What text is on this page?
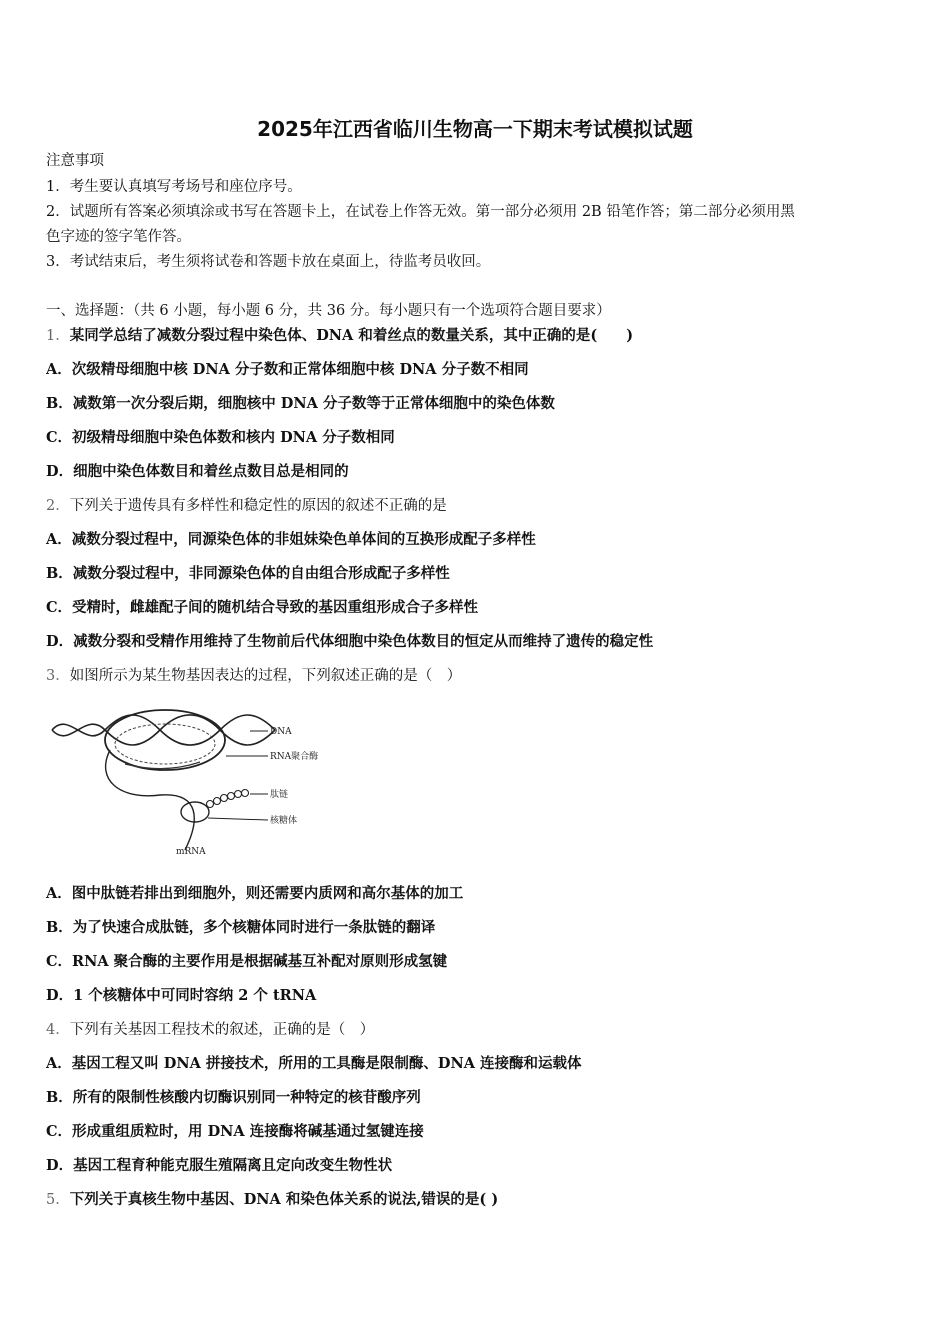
2025年江西省临川生物高一下期末考试模拟试题
注意事项
1．考生要认真填写考场号和座位序号。
2．试题所有答案必须填涂或书写在答题卡上，在试卷上作答无效。第一部分必须用 2B 铅笔作答；第二部分必须用黑
色字迹的签字笔作答。
3．考试结束后，考生须将试卷和答题卡放在桌面上，待监考员收回。
一、选择题：（共 6 小题，每小题 6 分，共 36 分。每小题只有一个选项符合题目要求）
1．某同学总结了减数分裂过程中染色体、DNA 和着丝点的数量关系，其中正确的是(　　)
A．次级精母细胞中核 DNA 分子数和正常体细胞中核 DNA 分子数不相同
B．减数第一次分裂后期，细胞核中 DNA 分子数等于正常体细胞中的染色体数
C．初级精母细胞中染色体数和核内 DNA 分子数相同
D．细胞中染色体数目和着丝点数目总是相同的
2．下列关于遗传具有多样性和稳定性的原因的叙述不正确的是
A．减数分裂过程中，同源染色体的非姐妹染色单体间的互换形成配子多样性
B．减数分裂过程中，非同源染色体的自由组合形成配子多样性
C．受精时，雌雄配子间的随机结合导致的基因重组形成合子多样性
D．减数分裂和受精作用维持了生物前后代体细胞中染色体数目的恒定从而维持了遗传的稳定性
3．如图所示为某生物基因表达的过程，下列叙述正确的是（　）
DNA
RNA聚合酶
肽链
核糖体
mRNA
A．图中肽链若排出到细胞外，则还需要内质网和高尔基体的加工
B．为了快速合成肽链，多个核糖体同时进行一条肽链的翻译
C．RNA 聚合酶的主要作用是根据碱基互补配对原则形成氢键
D．1 个核糖体中可同时容纳 2 个 tRNA
4．下列有关基因工程技术的叙述，正确的是（　）
A．基因工程又叫 DNA 拼接技术，所用的工具酶是限制酶、DNA 连接酶和运载体
B．所有的限制性核酸内切酶识别同一种特定的核苷酸序列
C．形成重组质粒时，用 DNA 连接酶将碱基通过氢键连接
D．基因工程育种能克服生殖隔离且定向改变生物性状
5．下列关于真核生物中基因、DNA 和染色体关系的说法,错误的是( )
